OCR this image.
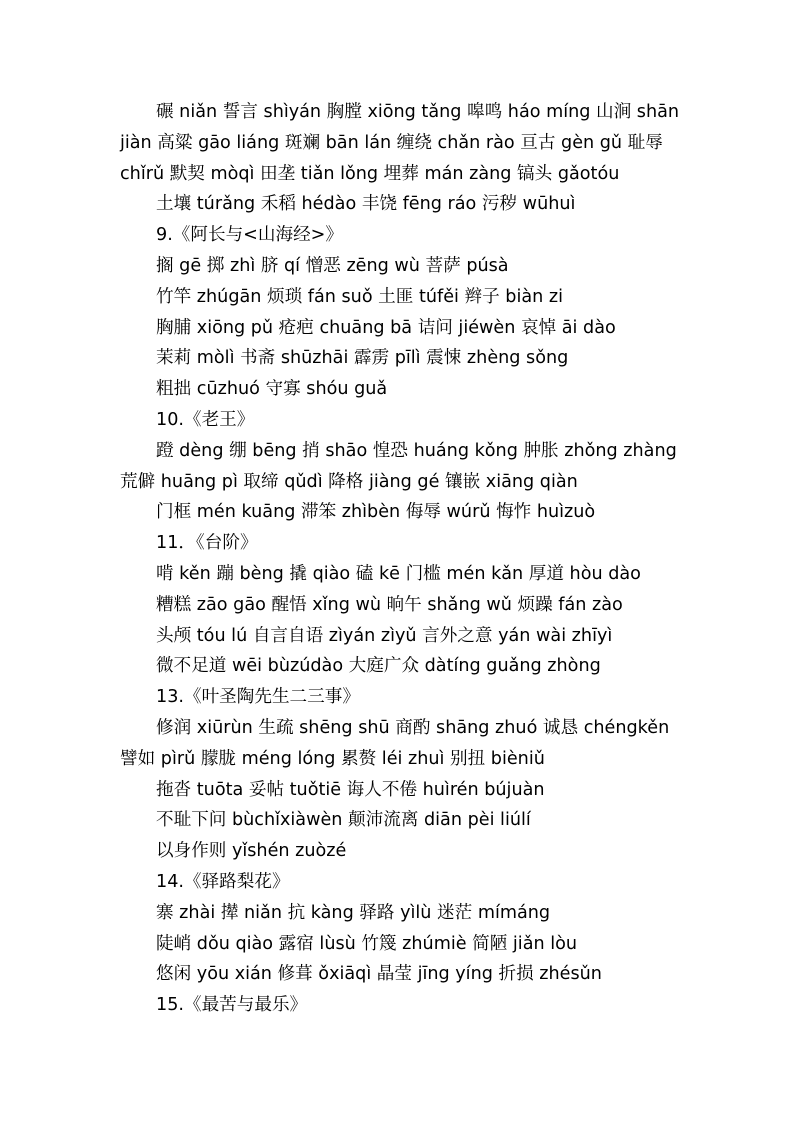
碾 niǎn 誓言 shìyán 胸膛 xiōng tǎng 嗥鸣 háo míng 山涧 shān
jiàn 高粱 gāo liáng 斑斓 bān lán 缠绕 chǎn rào 亘古 gèn gǔ 耻辱
chǐrǔ 默契 mòqì 田垄 tiǎn lǒng 埋葬 mán zàng 镐头 gǎotóu
土壤 túrǎng 禾稻 hédào 丰饶 fēng ráo 污秽 wūhuì
9.《阿长与<山海经>》
搁 gē 掷 zhì 脐 qí 憎恶 zēng wù 菩萨 púsà
竹竿 zhúgān 烦琐 fán suǒ 土匪 túfěi 辫子 biàn zi
胸脯 xiōng pǔ 疮疤 chuāng bā 诘问 jiéwèn 哀悼 āi dào
茉莉 mòlì 书斋 shūzhāi 霹雳 pīlì 震悚 zhèng sǒng
粗拙 cūzhuó 守寡 shóu guǎ
10.《老王》
蹬 dèng 绷 bēng 捎 shāo 惶恐 huáng kǒng 肿胀 zhǒng zhàng
荒僻 huāng pì 取缔 qǔdì 降格 jiàng gé 镶嵌 xiāng qiàn
门框 mén kuāng 滞笨 zhìbèn 侮辱 wúrǔ 悔怍 huìzuò
11．《台阶》
啃 kěn 蹦 bèng 撬 qiào 磕 kē 门槛 mén kǎn 厚道 hòu dào
糟糕 zāo gāo 醒悟 xǐng wù 晌午 shǎng wǔ 烦躁 fán zào
头颅 tóu lú 自言自语 zìyán zìyǔ 言外之意 yán wài zhīyì
微不足道 wēi bùzúdào 大庭广众 dàtíng guǎng zhòng
13.《叶圣陶先生二三事》
修润 xiūrùn 生疏 shēng shū 商酌 shāng zhuó 诚恳 chéngkěn
譬如 pìrǔ 朦胧 méng lóng 累赘 léi zhuì 别扭 bièniǔ
拖沓 tuōta 妥帖 tuǒtiē 诲人不倦 huìrén bújuàn
不耻下问 bùchǐxiàwèn 颠沛流离 diān pèi liúlí
以身作则 yǐshén zuòzé
14.《驿路梨花》
寨 zhài 撵 niǎn 抗 kàng 驿路 yìlù 迷茫 mímáng
陡峭 dǒu qiào 露宿 lùsù 竹篾 zhúmiè 简陋 jiǎn lòu
悠闲 yōu xián 修葺 ǒxiāqì 晶莹 jīng yíng 折损 zhésǔn
15.《最苦与最乐》
